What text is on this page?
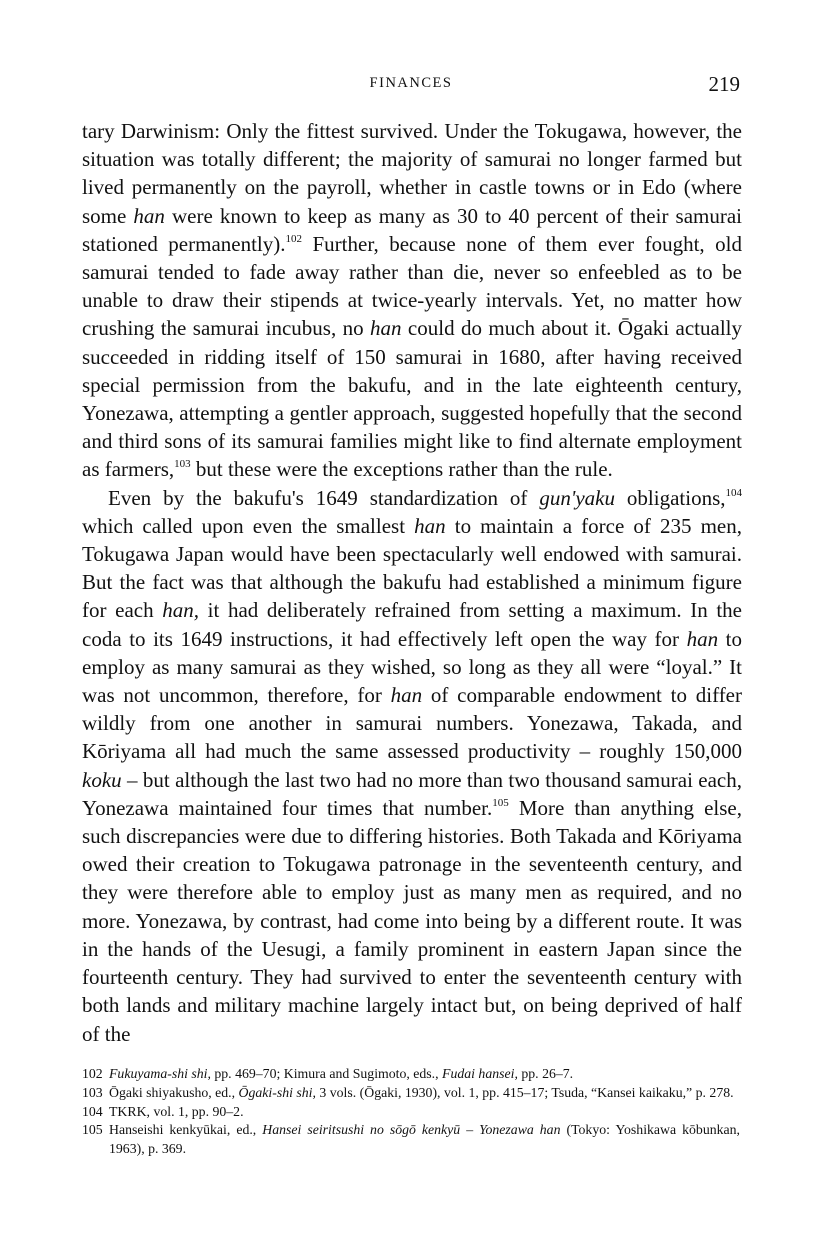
FINANCES	219

tary Darwinism: Only the fittest survived. Under the Tokugawa, however, the situation was totally different; the majority of samurai no longer farmed but lived permanently on the payroll, whether in castle towns or in Edo (where some han were known to keep as many as 30 to 40 percent of their samurai stationed permanently).$^{102}$ Further, because none of them ever fought, old samurai tended to fade away rather than die, never so enfeebled as to be unable to draw their stipends at twice-yearly intervals. Yet, no matter how crushing the samurai incubus, no han could do much about it. Ōgaki actually succeeded in ridding itself of 150 samurai in 1680, after having received special permission from the bakufu, and in the late eighteenth century, Yonezawa, attempting a gentler approach, suggested hopefully that the second and third sons of its samurai families might like to find alternate employment as farmers,$^{103}$ but these were the exceptions rather than the rule.

Even by the bakufu's 1649 standardization of gun'yaku obligations,$^{104}$ which called upon even the smallest han to maintain a force of 235 men, Tokugawa Japan would have been spectacularly well endowed with samurai. But the fact was that although the bakufu had established a minimum figure for each han, it had deliberately refrained from setting a maximum. In the coda to its 1649 instructions, it had effectively left open the way for han to employ as many samurai as they wished, so long as they all were “loyal.” It was not uncommon, therefore, for han of comparable endowment to differ wildly from one another in samurai numbers. Yonezawa, Takada, and Kōriyama all had much the same assessed productivity – roughly 150,000 koku – but although the last two had no more than two thousand samurai each, Yonezawa maintained four times that number.$^{105}$ More than anything else, such discrepancies were due to differing histories. Both Takada and Kōriyama owed their creation to Tokugawa patronage in the seventeenth century, and they were therefore able to employ just as many men as required, and no more. Yonezawa, by contrast, had come into being by a different route. It was in the hands of the Uesugi, a family prominent in eastern Japan since the fourteenth century. They had survived to enter the seventeenth century with both lands and military machine largely intact but, on being deprived of half of the

102 Fukuyama-shi shi, pp. 469–70; Kimura and Sugimoto, eds., Fudai hansei, pp. 26–7.
103 Ōgaki shiyakusho, ed., Ōgaki-shi shi, 3 vols. (Ōgaki, 1930), vol. 1, pp. 415–17; Tsuda, “Kansei kaikaku,” p. 278.
104 TKRK, vol. 1, pp. 90–2.
105 Hanseishi kenkyūkai, ed., Hansei seiritsushi no sōgō kenkyū – Yonezawa han (Tokyo: Yoshikawa kōbunkan, 1963), p. 369.
